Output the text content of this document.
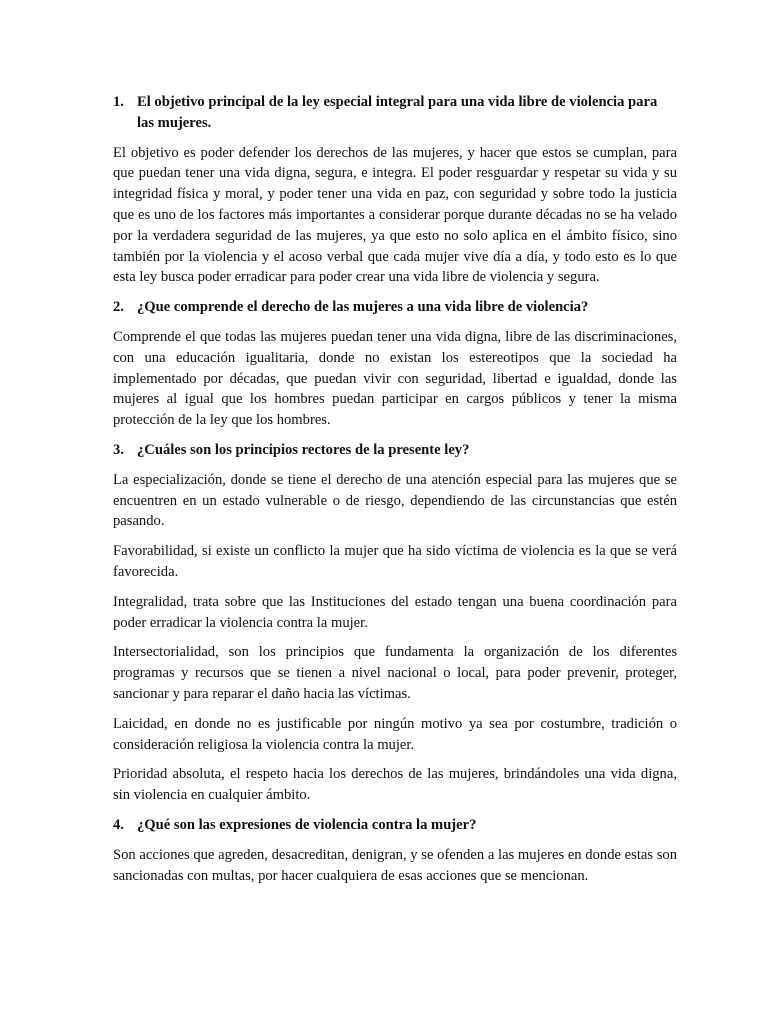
1. El objetivo principal de la ley especial integral para una vida libre de violencia para las mujeres.

El objetivo es poder defender los derechos de las mujeres, y hacer que estos se cumplan, para que puedan tener una vida digna, segura, e integra. El poder resguardar y respetar su vida y su integridad física y moral, y poder tener una vida en paz, con seguridad y sobre todo la justicia que es uno de los factores más importantes a considerar porque durante décadas no se ha velado por la verdadera seguridad de las mujeres, ya que esto no solo aplica en el ámbito físico, sino también por la violencia y el acoso verbal que cada mujer vive día a día, y todo esto es lo que esta ley busca poder erradicar para poder crear una vida libre de violencia y segura.

2. ¿Que comprende el derecho de las mujeres a una vida libre de violencia?

Comprende el que todas las mujeres puedan tener una vida digna, libre de las discriminaciones, con una educación igualitaria, donde no existan los estereotipos que la sociedad ha implementado por décadas, que puedan vivir con seguridad, libertad e igualdad, donde las mujeres al igual que los hombres puedan participar en cargos públicos y tener la misma protección de la ley que los hombres.

3. ¿Cuáles son los principios rectores de la presente ley?

La especialización, donde se tiene el derecho de una atención especial para las mujeres que se encuentren en un estado vulnerable o de riesgo, dependiendo de las circunstancias que estén pasando.

Favorabilidad, si existe un conflicto la mujer que ha sido víctima de violencia es la que se verá favorecida.

Integralidad, trata sobre que las Instituciones del estado tengan una buena coordinación para poder erradicar la violencia contra la mujer.

Intersectorialidad, son los principios que fundamenta la organización de los diferentes programas y recursos que se tienen a nivel nacional o local, para poder prevenir, proteger, sancionar y para reparar el daño hacia las víctimas.

Laicidad, en donde no es justificable por ningún motivo ya sea por costumbre, tradición o consideración religiosa la violencia contra la mujer.

Prioridad absoluta, el respeto hacia los derechos de las mujeres, brindándoles una vida digna, sin violencia en cualquier ámbito.

4. ¿Qué son las expresiones de violencia contra la mujer?

Son acciones que agreden, desacreditan, denigran, y se ofenden a las mujeres en donde estas son sancionadas con multas, por hacer cualquiera de esas acciones que se mencionan.
